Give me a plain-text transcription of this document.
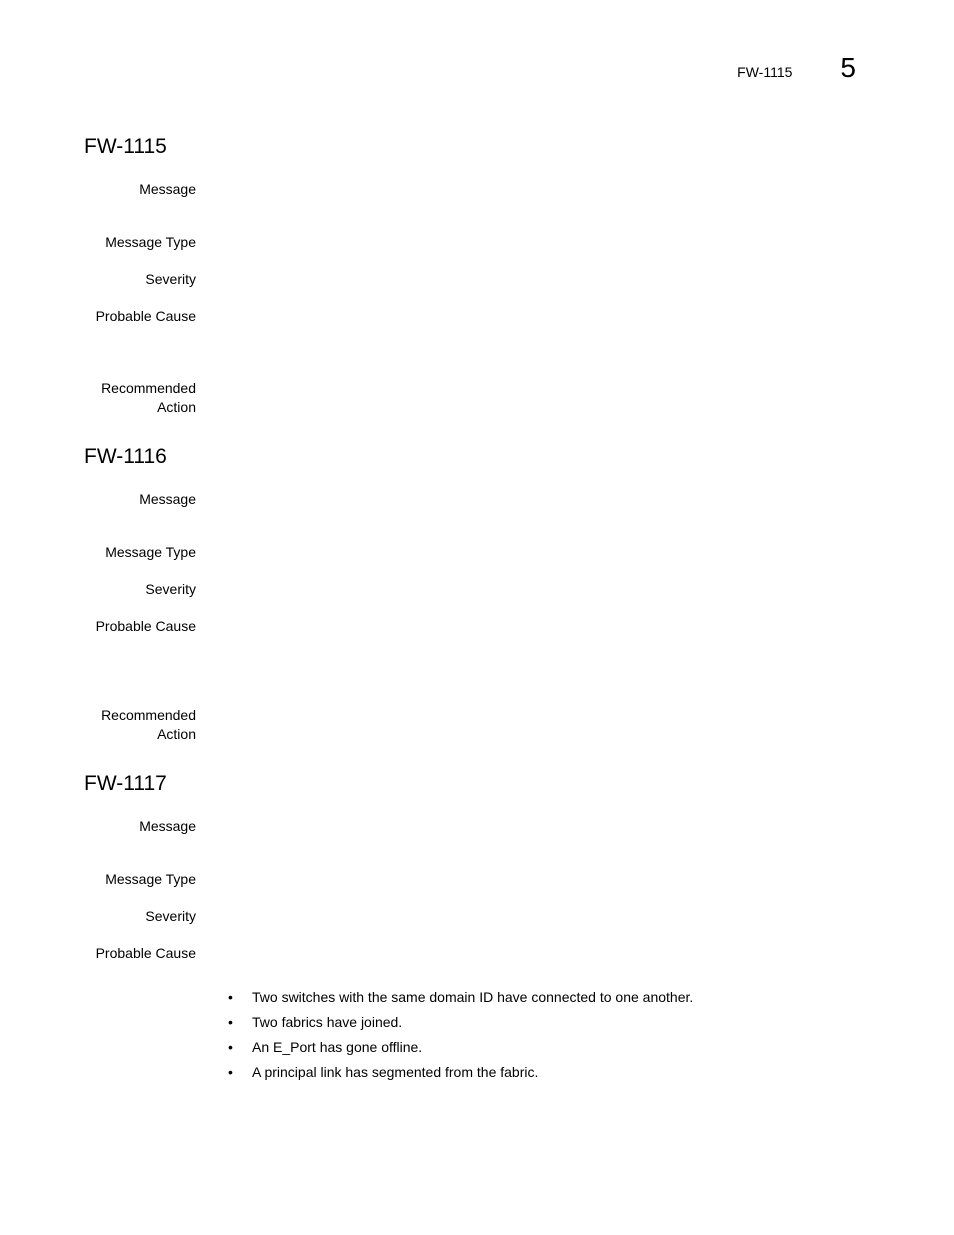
FW-1115 5
FW-1115
Message
Message Type
Severity
Probable Cause
Recommended
Action
FW-1116
Message
Message Type
Severity
Probable Cause
Recommended
Action
FW-1117
Message
Message Type
Severity
Probable Cause
• Two switches with the same domain ID have connected to one another.
• Two fabrics have joined.
• An E_Port has gone offline.
• A principal link has segmented from the fabric.
